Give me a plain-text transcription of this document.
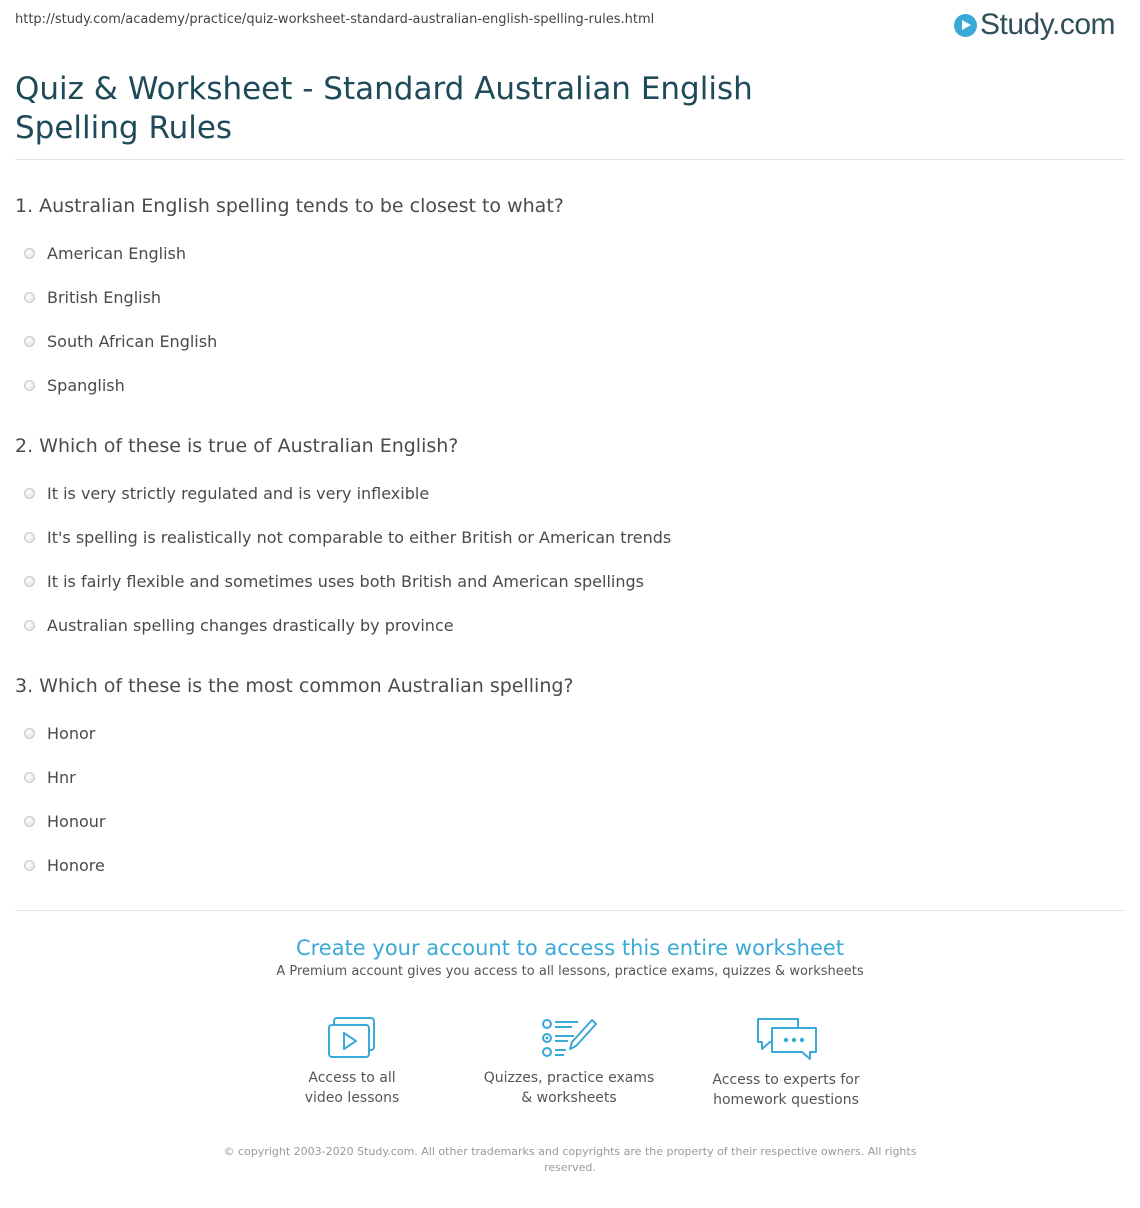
http://study.com/academy/practice/quiz-worksheet-standard-australian-english-spelling-rules.html	Study.com
Quiz & Worksheet - Standard Australian English Spelling Rules
1. Australian English spelling tends to be closest to what?
American English
British English
South African English
Spanglish
2. Which of these is true of Australian English?
It is very strictly regulated and is very inflexible
It's spelling is realistically not comparable to either British or American trends
It is fairly flexible and sometimes uses both British and American spellings
Australian spelling changes drastically by province
3. Which of these is the most common Australian spelling?
Honor
Hnr
Honour
Honore
Create your account to access this entire worksheet
A Premium account gives you access to all lessons, practice exams, quizzes & worksheets
Access to all
video lessons
Quizzes, practice exams
& worksheets
Access to experts for
homework questions
© copyright 2003-2020 Study.com. All other trademarks and copyrights are the property of their respective owners. All rights reserved.
